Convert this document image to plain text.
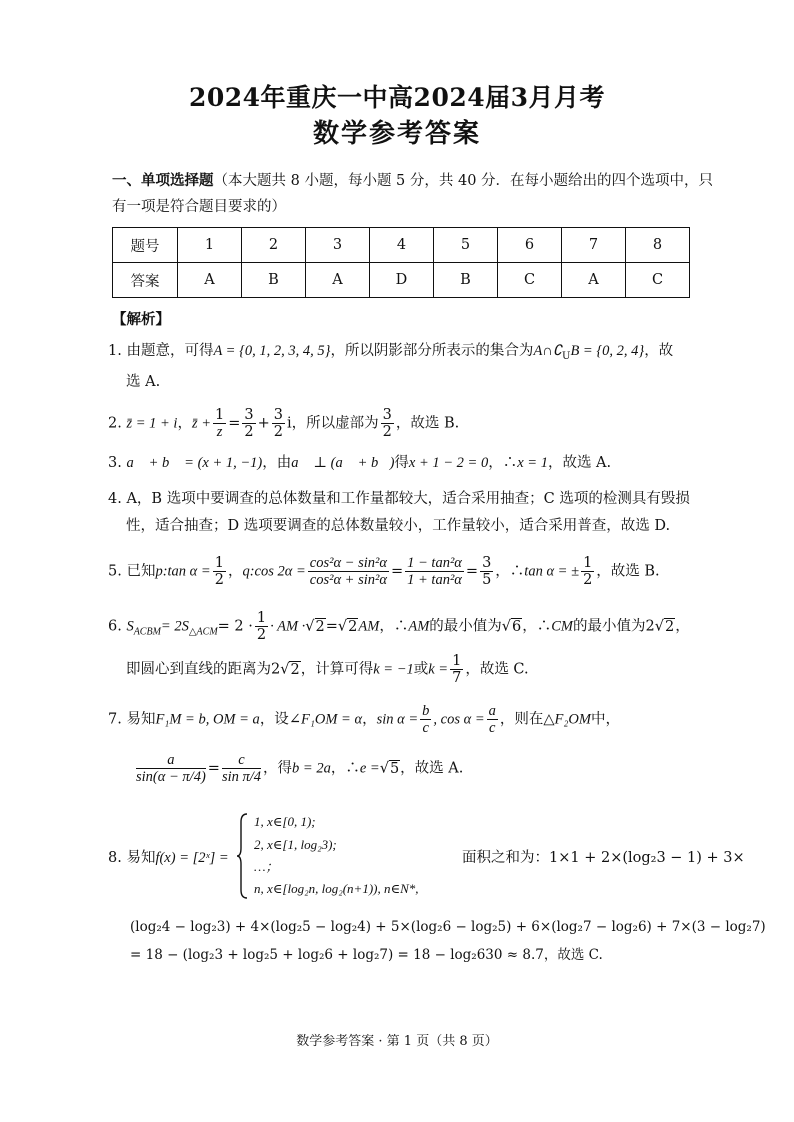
2024年重庆一中高2024届3月月考
数学参考答案
一、单项选择题（本大题共 8 小题，每小题 5 分，共 40 分．在每小题给出的四个选项中，只
有一项是符合题目要求的）
题号	1	2	3	4	5	6	7	8
答案	A	B	A	D	B	C	A	C
【解析】
1. 由题意，可得A = {0, 1, 2, 3, 4, 5}，所以阴影部分所表示的集合为$A\cap∁_UB = \{0$, 2, 4}，故
选 A.
2. z̄ = 1 + i，z̄ + $\frac{1}{z} = \frac{3}{2} + \frac{3}{2}$ i，所以虚部为 $\frac{3}{2}$ ，故选 B.
3. a⃗ + b⃗ = (x + 1, −1)，由a⃗ ⊥ (a⃗ + b⃗)得x + 1 − 2 = 0，∴x = 1，故选 A.
4. A，B 选项中要调查的总体数量和工作量都较大，适合采用抽查；C 选项的检测具有毁损
性，适合抽查；D 选项要调查的总体数量较小，工作量较小，适合采用普查，故选 D.
5. 已知p:tan $\alpha = \frac{1}{2}$ ，q:cos $2\alpha = \frac{\text{cos²α − sin²α}}{\text{cos²α + sin²α}} = \frac{\text{1 − tan²α}}{\text{1 + tan²α}} = \frac{3}{5}$ ，∴tan α = ± $\frac{1}{2}$ ，故选 B.
6. $S_{ACBM}= 2S_{\triangle ACM}= 2 \cdot \frac{1}{2}$ · AM ·√2=√2AM，∴AM的最小值为√6，∴CM的最小值为2√2，
即圆心到直线的距离为2√2，计算可得k = −1或$k = \frac{1}{7}$ ，故选 C.
7. 易知F₁M = b, OM = a，设∠F₁OM = α，$\sin \alpha = \frac{b}{c}$ , $\cos \alpha = \frac{a}{c}$ ，则在△F₂OM中，
$\frac{a}{\sin(\alpha - \pi/4)} = \frac{c}{\text{sin π/4}}$ ，得b = 2a，∴e =√5，故选 A.
8. 易知f(x) = [2ˣ] =
1, x∈[0, 1);
2, x∈[1, log₂3);
…；
n, x∈[log₂n, log₂(n+1)), n∈N*,
面积之和为：1×1 + 2×(log₂3 − 1) + 3×
(log₂4 − log₂3) + 4×(log₂5 − log₂4) + 5×(log₂6 − log₂5) + 6×(log₂7 − log₂6) + 7×(3 − log₂7)
= 18 − (log₂3 + log₂5 + log₂6 + log₂7) = 18 − log₂630 ≈ 8.7，故选 C.
数学参考答案 · 第 1 页（共 8 页）
